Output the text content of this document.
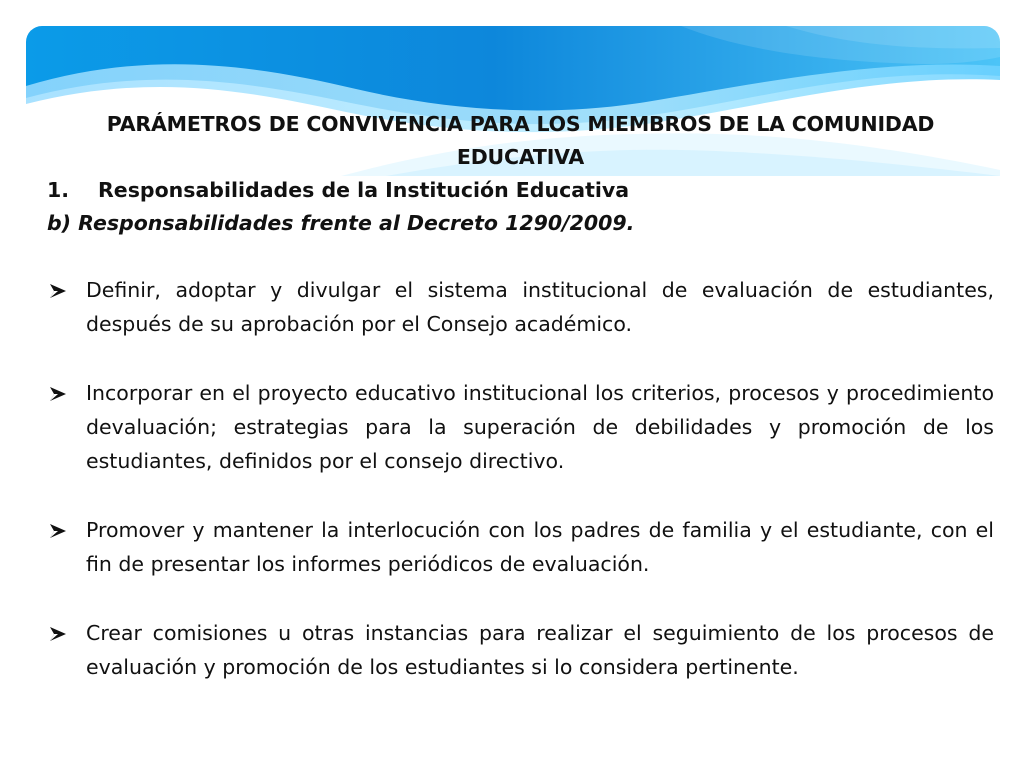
PARÁMETROS DE CONVIVENCIA PARA LOS MIEMBROS DE LA COMUNIDAD EDUCATIVA
1.	Responsabilidades de la Institución Educativa

b) Responsabilidades frente al Decreto 1290/2009.

Definir, adoptar y divulgar el sistema institucional de evaluación de estudiantes, después de su aprobación por el Consejo académico.
Incorporar en el proyecto educativo institucional los criterios, procesos y procedimiento devaluación; estrategias para la superación de debilidades y promoción de los estudiantes, definidos por el consejo directivo.
Promover y mantener la interlocución con los padres de familia y el estudiante, con el fin de presentar los informes periódicos de evaluación.
Crear comisiones u otras instancias para realizar el seguimiento de los procesos de evaluación y promoción de los estudiantes si lo considera pertinente.
